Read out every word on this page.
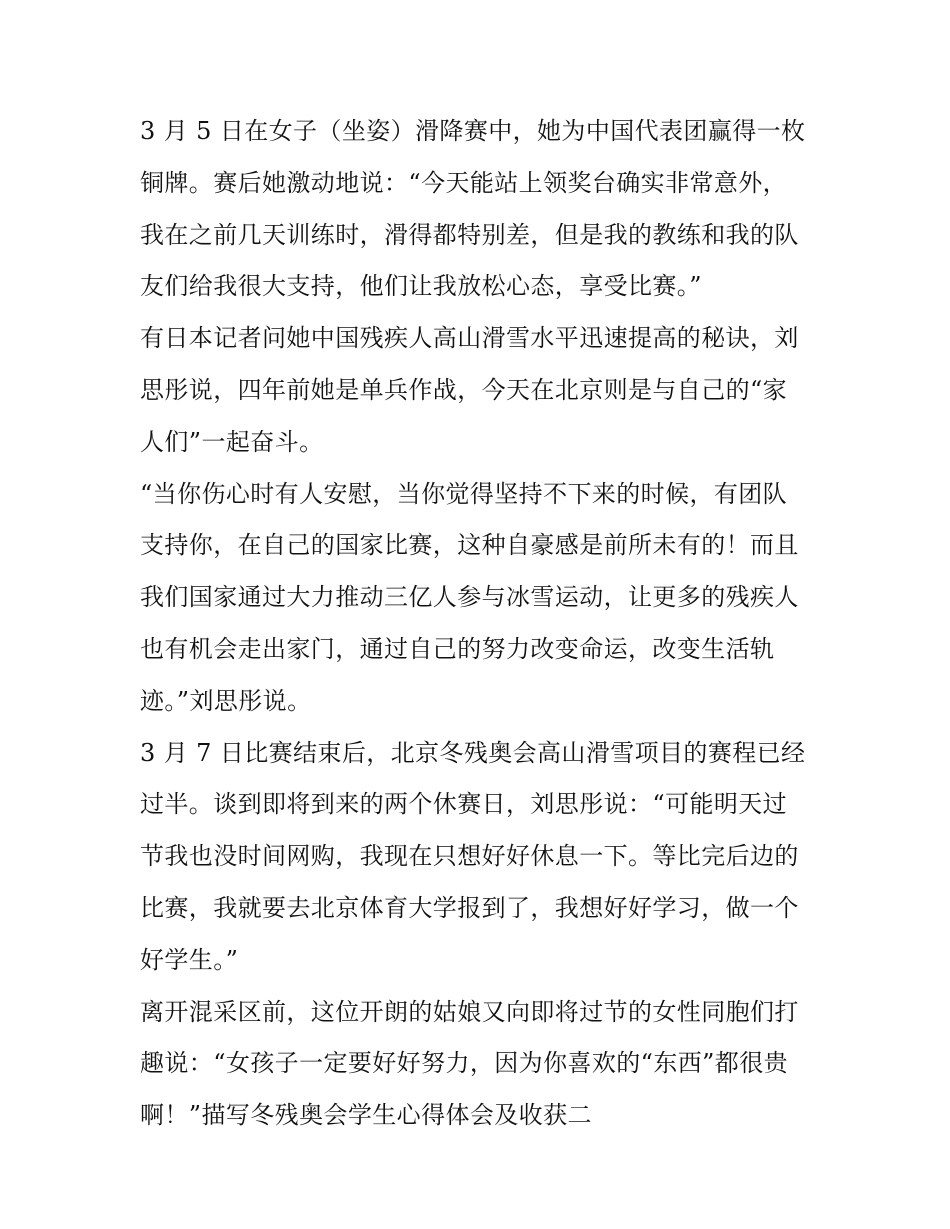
3 月 5 日在女子（坐姿）滑降赛中，她为中国代表团赢得一枚
铜牌。赛后她激动地说：“今天能站上领奖台确实非常意外，
我在之前几天训练时，滑得都特别差，但是我的教练和我的队
友们给我很大支持，他们让我放松心态，享受比赛。”
有日本记者问她中国残疾人高山滑雪水平迅速提高的秘诀，刘
思彤说，四年前她是单兵作战，今天在北京则是与自己的“家
人们”一起奋斗。
“当你伤心时有人安慰，当你觉得坚持不下来的时候，有团队
支持你，在自己的国家比赛，这种自豪感是前所未有的！而且
我们国家通过大力推动三亿人参与冰雪运动，让更多的残疾人
也有机会走出家门，通过自己的努力改变命运，改变生活轨
迹。”刘思彤说。
3 月 7 日比赛结束后，北京冬残奥会高山滑雪项目的赛程已经
过半。谈到即将到来的两个休赛日，刘思彤说：“可能明天过
节我也没时间网购，我现在只想好好休息一下。等比完后边的
比赛，我就要去北京体育大学报到了，我想好好学习，做一个
好学生。”
离开混采区前，这位开朗的姑娘又向即将过节的女性同胞们打
趣说：“女孩子一定要好好努力，因为你喜欢的“东西”都很贵
啊！”描写冬残奥会学生心得体会及收获二
